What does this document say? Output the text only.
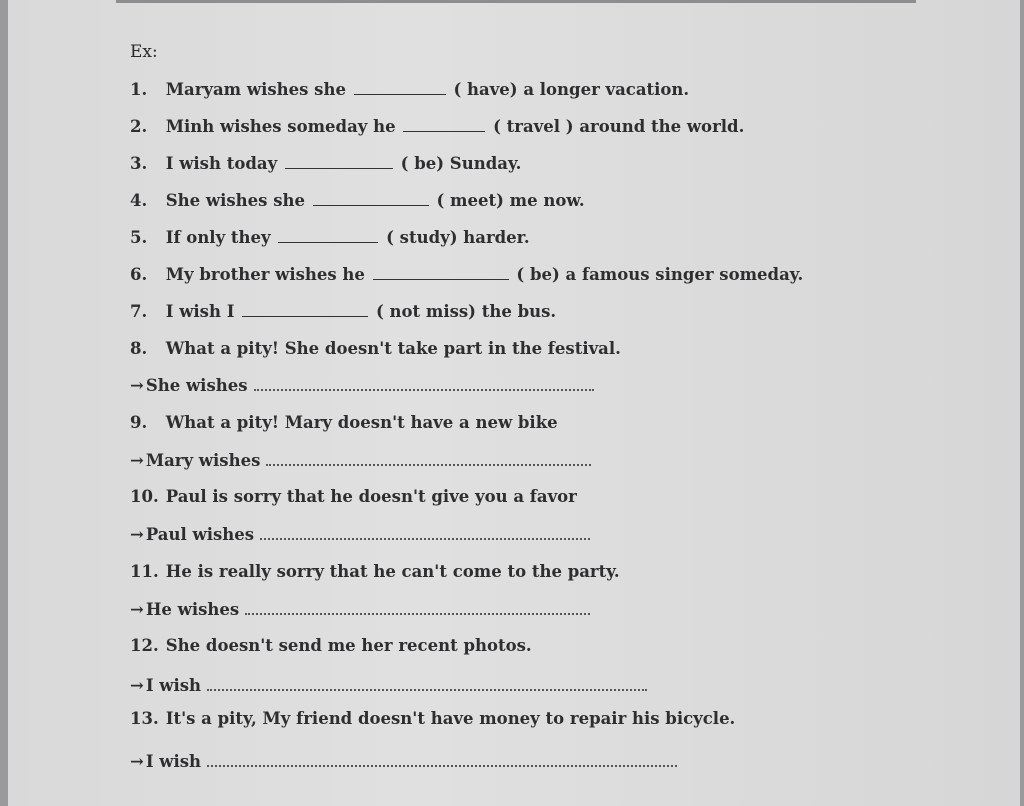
Ex:
1. Maryam wishes she	( have) a longer vacation.
2. Minh wishes someday he	( travel ) around the world.
3. I wish today	( be) Sunday.
4. She wishes she	( meet) me now.
5. If only they	( study) harder.
6. My brother wishes he	( be) a famous singer someday.
7. I wish I	( not miss) the bus.
8. What a pity! She doesn't take part in the festival.
→ She wishes
9. What a pity! Mary doesn't have a new bike
→ Mary wishes
10. Paul is sorry that he doesn't give you a favor
→ Paul wishes
11. He is really sorry that he can't come to the party.
→ He wishes
12. She doesn't send me her recent photos.
→ I wish
13. It's a pity, My friend doesn't have money to repair his bicycle.
→ I wish
